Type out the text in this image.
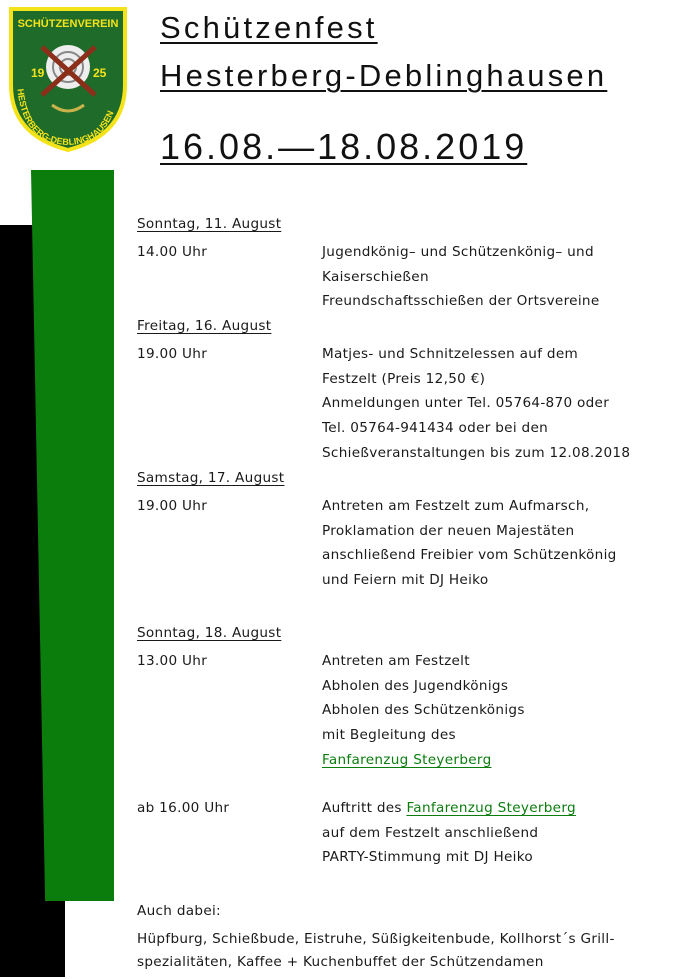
SCHÜTZENVEREIN
19	25
HESTERBERG-DEBLINGHAUSEN
Schützenfest
Hesterberg-Deblinghausen
16.08.—18.08.2019
Sonntag, 11. August
14.00 Uhr	Jugendkönig– und Schützenkönig– und
Kaiserschießen
Freundschaftsschießen der Ortsvereine
Freitag, 16. August
19.00 Uhr	Matjes- und Schnitzelessen auf dem
Festzelt (Preis 12,50 €)
Anmeldungen unter Tel. 05764-870 oder
Tel. 05764-941434 oder bei den
Schießveranstaltungen bis zum 12.08.2018
Samstag, 17. August
19.00 Uhr	Antreten am Festzelt zum Aufmarsch,
Proklamation der neuen Majestäten
anschließend Freibier vom Schützenkönig
und Feiern mit DJ Heiko
Sonntag, 18. August
13.00 Uhr	Antreten am Festzelt
Abholen des Jugendkönigs
Abholen des Schützenkönigs
mit Begleitung des
Fanfarenzug Steyerberg
ab 16.00 Uhr	Auftritt des Fanfarenzug Steyerberg
auf dem Festzelt anschließend
PARTY-Stimmung mit DJ Heiko
Auch dabei:
Hüpfburg, Schießbude, Eistruhe, Süßigkeitenbude, Kollhorst´s Grill-
spezialitäten, Kaffee + Kuchenbuffet der Schützendamen
